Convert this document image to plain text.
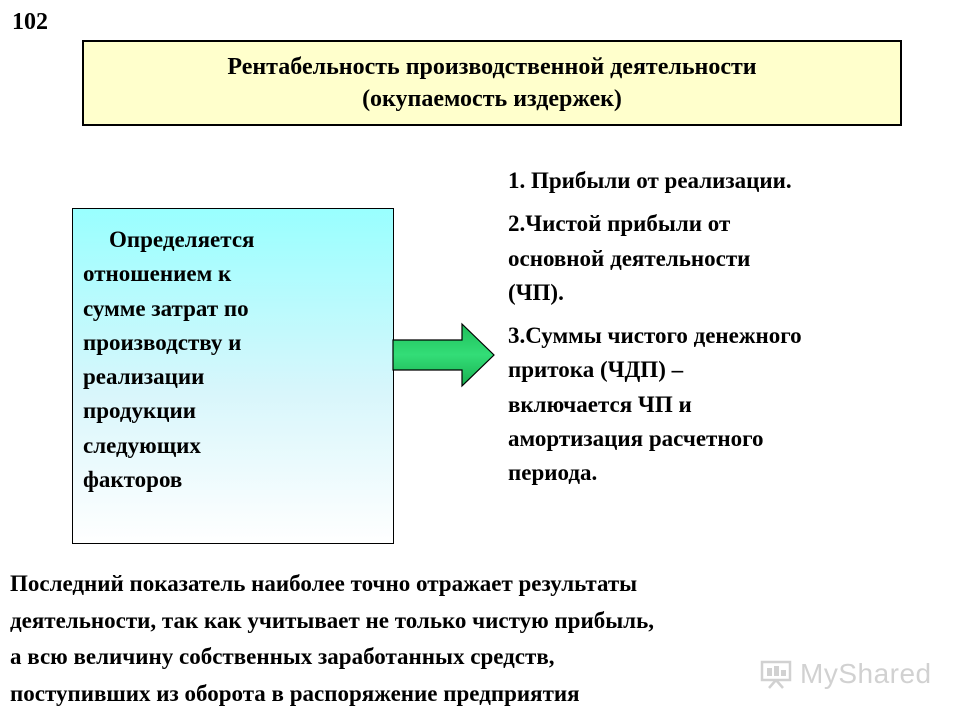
102
Рентабельность производственной деятельности
(окупаемость издержек)
Определяется
отношением к
сумме затрат по
производству и
реализации
продукции
следующих
факторов
1. Прибыли от реализации.
2.Чистой прибыли от
основной деятельности
(ЧП).
3.Суммы чистого денежного
притока (ЧДП) –
включается ЧП и
амортизация расчетного
периода.
Последний показатель наиболее точно отражает результаты
деятельности, так как учитывает не только чистую прибыль,
а всю величину собственных заработанных средств,
поступивших из оборота в распоряжение предприятия
MyShared
